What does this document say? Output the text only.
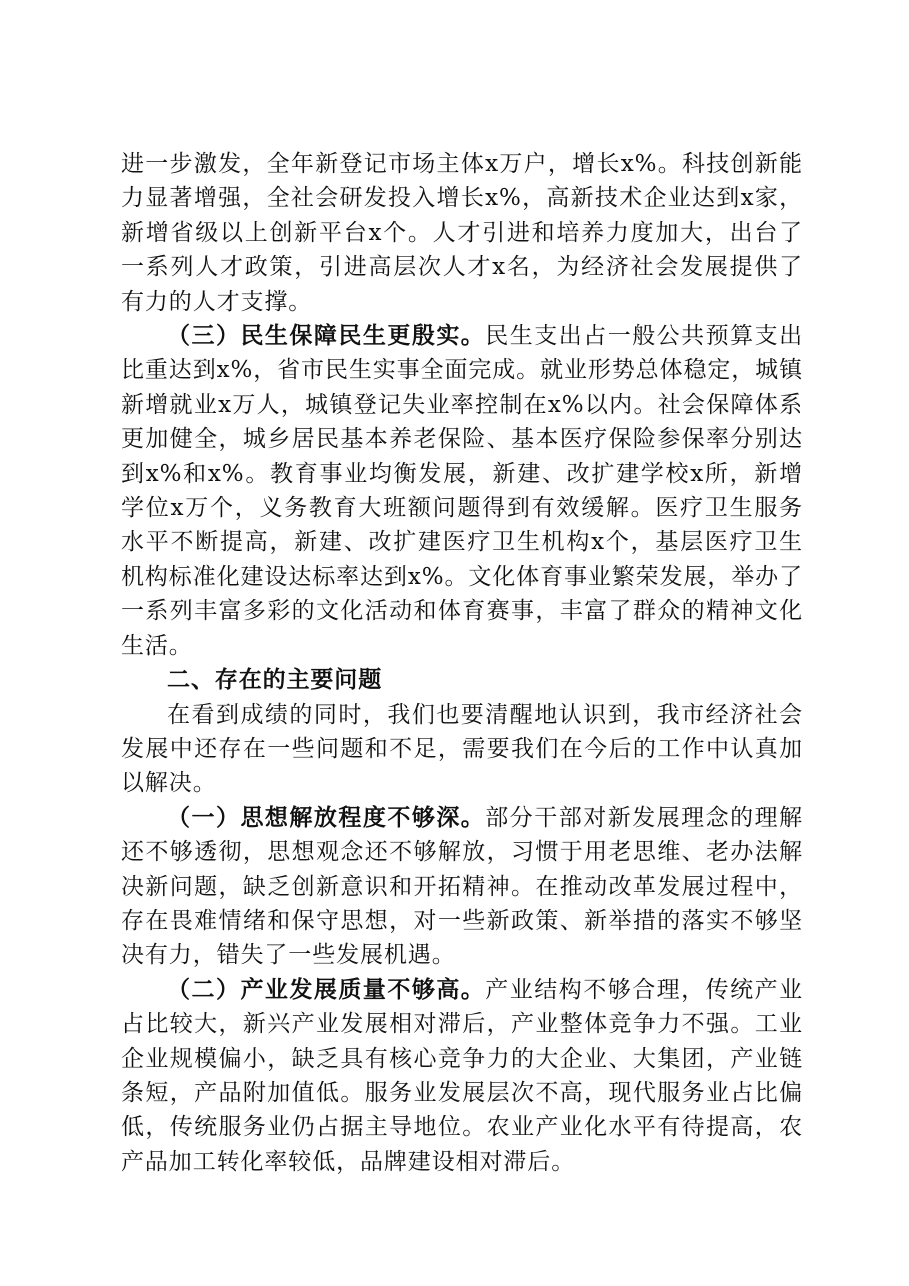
进一步激发，全年新登记市场主体x万户，增长x%。科技创新能力显著增强，全社会研发投入增长x%，高新技术企业达到x家，新增省级以上创新平台x个。人才引进和培养力度加大，出台了一系列人才政策，引进高层次人才x名，为经济社会发展提供了有力的人才支撑。

（三）民生保障民生更殷实。民生支出占一般公共预算支出比重达到x%，省市民生实事全面完成。就业形势总体稳定，城镇新增就业x万人，城镇登记失业率控制在x%以内。社会保障体系更加健全，城乡居民基本养老保险、基本医疗保险参保率分别达到x%和x%。教育事业均衡发展，新建、改扩建学校x所，新增学位x万个，义务教育大班额问题得到有效缓解。医疗卫生服务水平不断提高，新建、改扩建医疗卫生机构x个，基层医疗卫生机构标准化建设达标率达到x%。文化体育事业繁荣发展，举办了一系列丰富多彩的文化活动和体育赛事，丰富了群众的精神文化生活。

二、存在的主要问题

在看到成绩的同时，我们也要清醒地认识到，我市经济社会发展中还存在一些问题和不足，需要我们在今后的工作中认真加以解决。

（一）思想解放程度不够深。部分干部对新发展理念的理解还不够透彻，思想观念还不够解放，习惯于用老思维、老办法解决新问题，缺乏创新意识和开拓精神。在推动改革发展过程中，存在畏难情绪和保守思想，对一些新政策、新举措的落实不够坚决有力，错失了一些发展机遇。

（二）产业发展质量不够高。产业结构不够合理，传统产业占比较大，新兴产业发展相对滞后，产业整体竞争力不强。工业企业规模偏小，缺乏具有核心竞争力的大企业、大集团，产业链条短，产品附加值低。服务业发展层次不高，现代服务业占比偏低，传统服务业仍占据主导地位。农业产业化水平有待提高，农产品加工转化率较低，品牌建设相对滞后。
